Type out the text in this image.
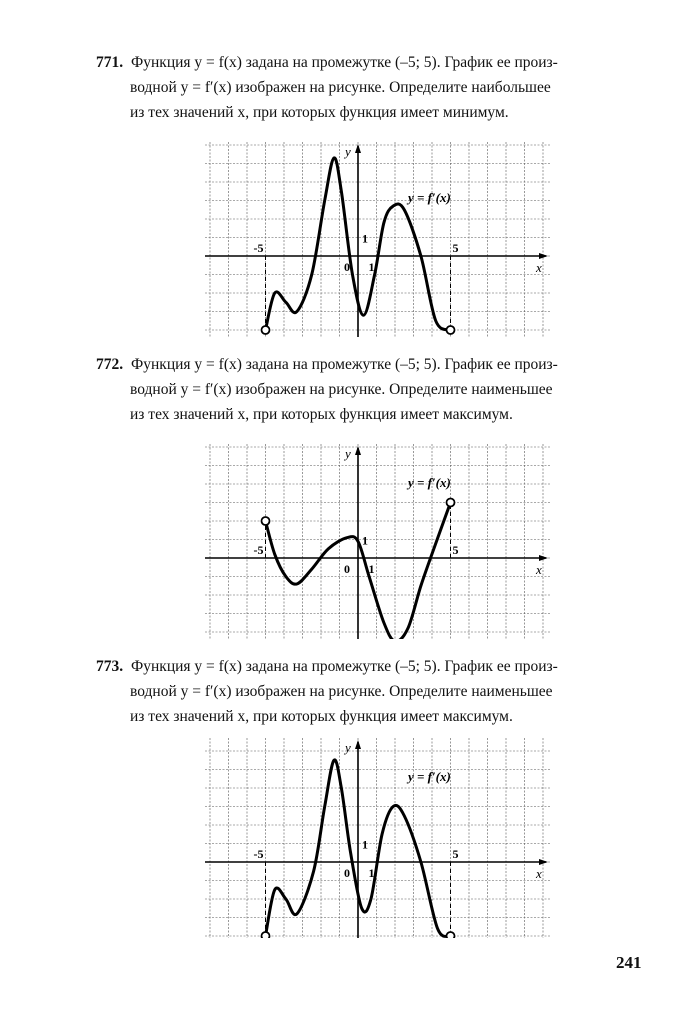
771. Функция y = f(x) задана на промежутке (–5; 5). График ее произ-
водной y = f′(x) изображен на рисунке. Определите наибольшее
из тех значений x, при которых функция имеет минимум.
y
x
-5	5
0 1
1
y = f′(x)
772. Функция y = f(x) задана на промежутке (–5; 5). График ее произ-
водной y = f′(x) изображен на рисунке. Определите наименьшее
из тех значений x, при которых функция имеет максимум.
y
x
-5	5
0 1
1
y = f′(x)
773. Функция y = f(x) задана на промежутке (–5; 5). График ее произ-
водной y = f′(x) изображен на рисунке. Определите наименьшее
из тех значений x, при которых функция имеет максимум.
y
x
-5	5
0 1
1
y = f′(x)
241
